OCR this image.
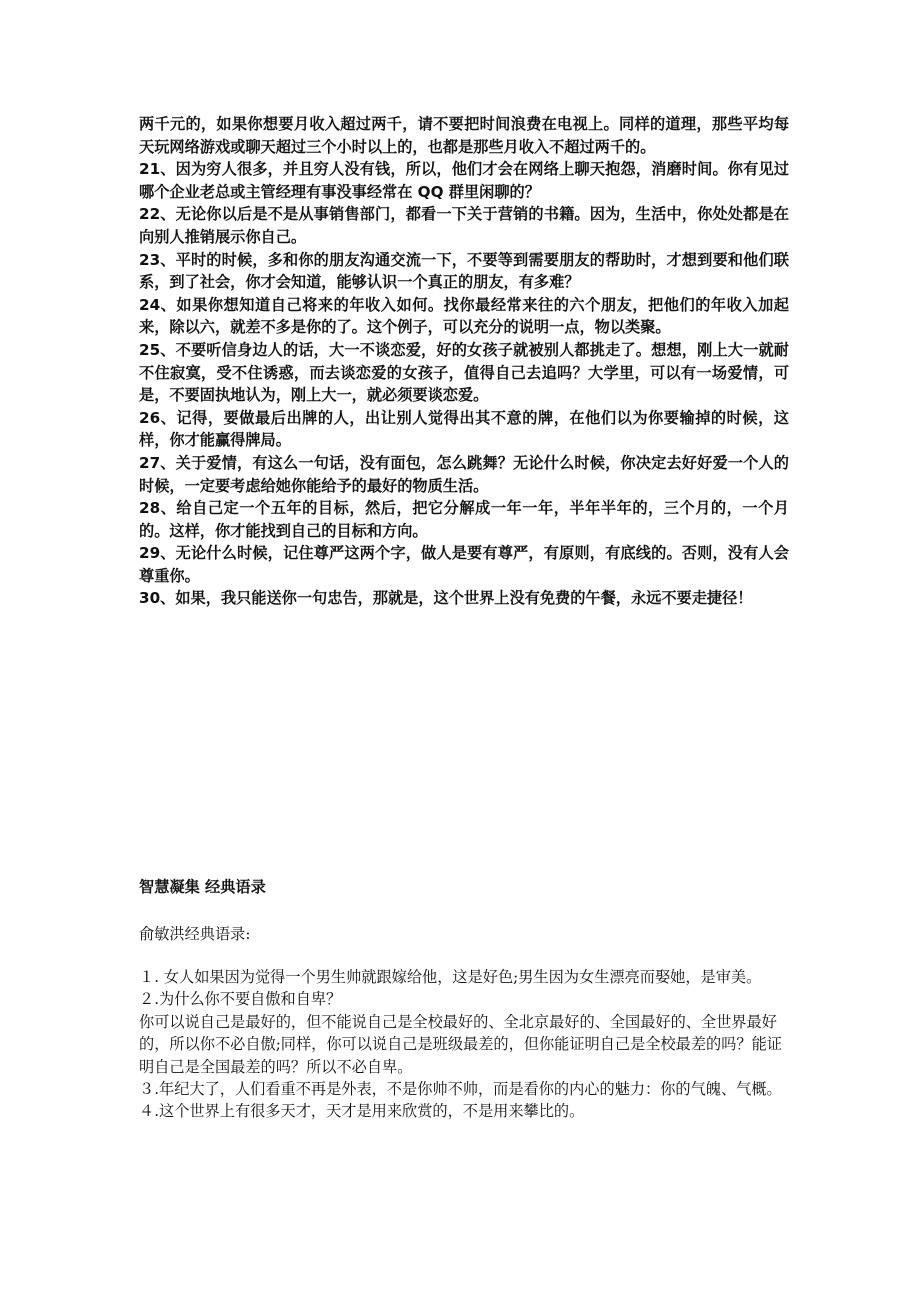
两千元的，如果你想要月收入超过两千，请不要把时间浪费在电视上。同样的道理，那些平均每天玩网络游戏或聊天超过三个小时以上的，也都是那些月收入不超过两千的。

21、因为穷人很多，并且穷人没有钱，所以，他们才会在网络上聊天抱怨，消磨时间。你有见过哪个企业老总或主管经理有事没事经常在 QQ 群里闲聊的？

22、无论你以后是不是从事销售部门，都看一下关于营销的书籍。因为，生活中，你处处都是在向别人推销展示你自己。

23、平时的时候，多和你的朋友沟通交流一下，不要等到需要朋友的帮助时，才想到要和他们联系，到了社会，你才会知道，能够认识一个真正的朋友，有多难？

24、如果你想知道自己将来的年收入如何。找你最经常来往的六个朋友，把他们的年收入加起来，除以六，就差不多是你的了。这个例子，可以充分的说明一点，物以类聚。

25、不要听信身边人的话，大一不谈恋爱，好的女孩子就被别人都挑走了。想想，刚上大一就耐不住寂寞，受不住诱惑，而去谈恋爱的女孩子，值得自己去追吗？大学里，可以有一场爱情，可是，不要固执地认为，刚上大一，就必须要谈恋爱。

26、记得，要做最后出牌的人，出让别人觉得出其不意的牌，在他们以为你要输掉的时候，这样，你才能赢得牌局。

27、关于爱情，有这么一句话，没有面包，怎么跳舞？无论什么时候，你决定去好好爱一个人的时候，一定要考虑给她你能给予的最好的物质生活。

28、给自己定一个五年的目标，然后，把它分解成一年一年，半年半年的，三个月的，一个月的。这样，你才能找到自己的目标和方向。

29、无论什么时候，记住尊严这两个字，做人是要有尊严，有原则，有底线的。否则，没有人会尊重你。

30、如果，我只能送你一句忠告，那就是，这个世界上没有免费的午餐，永远不要走捷径！

智慧凝集 经典语录
俞敏洪经典语录:

１. 女人如果因为觉得一个男生帅就跟嫁给他，这是好色;男生因为女生漂亮而娶她，是审美。

２.为什么你不要自傲和自卑？

你可以说自己是最好的，但不能说自己是全校最好的、全北京最好的、全国最好的、全世界最好的，所以你不必自傲;同样，你可以说自己是班级最差的，但你能证明自己是全校最差的吗？能证明自己是全国最差的吗？所以不必自卑。

３.年纪大了，人们看重不再是外表，不是你帅不帅，而是看你的内心的魅力：你的气魄、气概。

４.这个世界上有很多天才，天才是用来欣赏的，不是用来攀比的。
